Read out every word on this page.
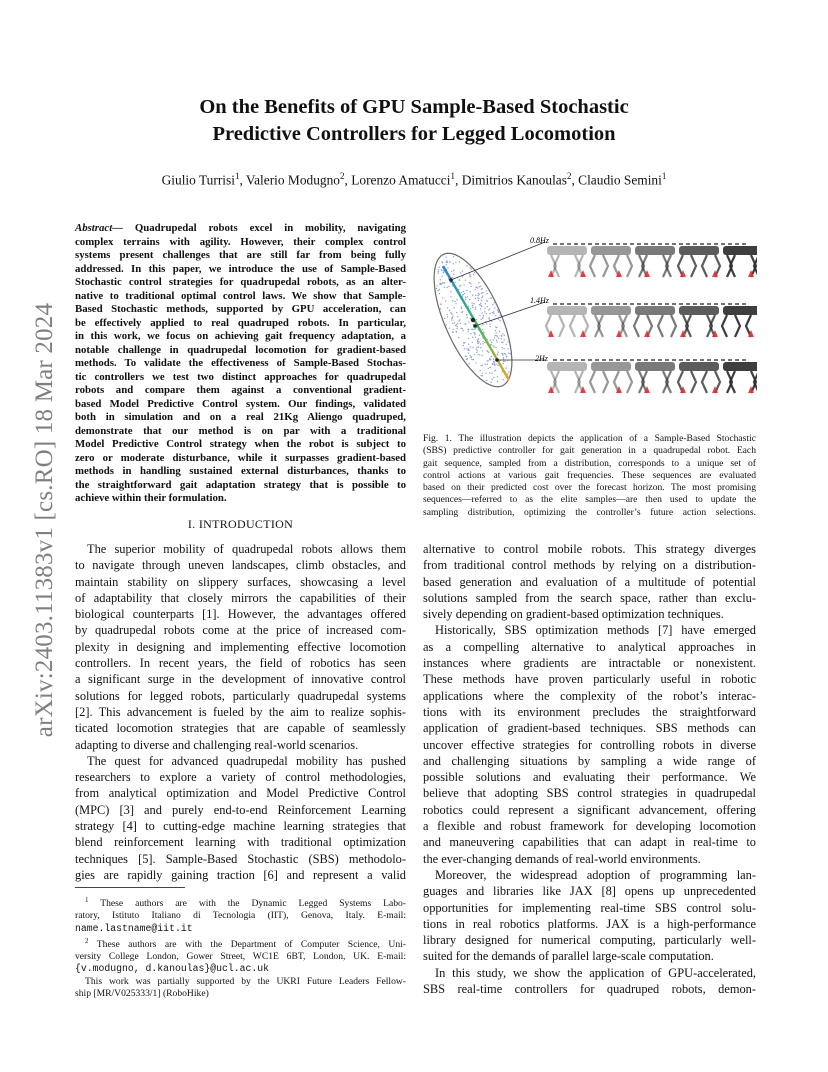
arXiv:2403.11383v1 [cs.RO] 18 Mar 2024
On the Benefits of GPU Sample-Based Stochastic
Predictive Controllers for Legged Locomotion
Giulio Turrisi$^1$, Valerio Modugno$^2$, Lorenzo Amatucci$^1$, Dimitrios Kanoulas$^2$, Claudio Semini$^1$
Abstract— Quadrupedal robots excel in mobility, navigating
complex terrains with agility. However, their complex control
systems present challenges that are still far from being fully
addressed. In this paper, we introduce the use of Sample-Based
Stochastic control strategies for quadrupedal robots, as an alter-
native to traditional optimal control laws. We show that Sample-
Based Stochastic methods, supported by GPU acceleration, can
be effectively applied to real quadruped robots. In particular,
in this work, we focus on achieving gait frequency adaptation, a
notable challenge in quadrupedal locomotion for gradient-based
methods. To validate the effectiveness of Sample-Based Stochas-
tic controllers we test two distinct approaches for quadrupedal
robots and compare them against a conventional gradient-
based Model Predictive Control system. Our findings, validated
both in simulation and on a real 21Kg Aliengo quadruped,
demonstrate that our method is on par with a traditional
Model Predictive Control strategy when the robot is subject to
zero or moderate disturbance, while it surpasses gradient-based
methods in handling sustained external disturbances, thanks to
the straightforward gait adaptation strategy that is possible to
achieve within their formulation.
I. INTRODUCTION
The superior mobility of quadrupedal robots allows them
to navigate through uneven landscapes, climb obstacles, and
maintain stability on slippery surfaces, showcasing a level
of adaptability that closely mirrors the capabilities of their
biological counterparts [1]. However, the advantages offered
by quadrupedal robots come at the price of increased com-
plexity in designing and implementing effective locomotion
controllers. In recent years, the field of robotics has seen
a significant surge in the development of innovative control
solutions for legged robots, particularly quadrupedal systems
[2]. This advancement is fueled by the aim to realize sophis-
ticated locomotion strategies that are capable of seamlessly
adapting to diverse and challenging real-world scenarios.
The quest for advanced quadrupedal mobility has pushed
researchers to explore a variety of control methodologies,
from analytical optimization and Model Predictive Control
(MPC) [3] and purely end-to-end Reinforcement Learning
strategy [4] to cutting-edge machine learning strategies that
blend reinforcement learning with traditional optimization
techniques [5]. Sample-Based Stochastic (SBS) methodolo-
gies are rapidly gaining traction [6] and represent a valid
$^1$ These authors are with the Dynamic Legged Systems Labo-
ratory, Istituto Italiano di Tecnologia (IIT), Genova, Italy. E-mail:
name.lastname@iit.it
$^2$ These authors are with the Department of Computer Science, Uni-
versity College London, Gower Street, WC1E 6BT, London, UK. E-mail:
{v.modugno, d.kanoulas}@ucl.ac.uk
This work was partially supported by the UKRI Future Leaders Fellow-
ship [MR/V025333/1] (RoboHike)
0.8Hz
1.4Hz
2Hz
Fig. 1. The illustration depicts the application of a Sample-Based Stochastic
(SBS) predictive controller for gait generation in a quadrupedal robot. Each
gait sequence, sampled from a distribution, corresponds to a unique set of
control actions at various gait frequencies. These sequences are evaluated
based on their predicted cost over the forecast horizon. The most promising
sequences—referred to as the elite samples—are then used to update the
sampling distribution, optimizing the controller’s future action selections.
alternative to control mobile robots. This strategy diverges
from traditional control methods by relying on a distribution-
based generation and evaluation of a multitude of potential
solutions sampled from the search space, rather than exclu-
sively depending on gradient-based optimization techniques.
Historically, SBS optimization methods [7] have emerged
as a compelling alternative to analytical approaches in
instances where gradients are intractable or nonexistent.
These methods have proven particularly useful in robotic
applications where the complexity of the robot’s interac-
tions with its environment precludes the straightforward
application of gradient-based techniques. SBS methods can
uncover effective strategies for controlling robots in diverse
and challenging situations by sampling a wide range of
possible solutions and evaluating their performance. We
believe that adopting SBS control strategies in quadrupedal
robotics could represent a significant advancement, offering
a flexible and robust framework for developing locomotion
and maneuvering capabilities that can adapt in real-time to
the ever-changing demands of real-world environments.
Moreover, the widespread adoption of programming lan-
guages and libraries like JAX [8] opens up unprecedented
opportunities for implementing real-time SBS control solu-
tions in real robotics platforms. JAX is a high-performance
library designed for numerical computing, particularly well-
suited for the demands of parallel large-scale computation.
In this study, we show the application of GPU-accelerated,
SBS real-time controllers for quadruped robots, demon-
